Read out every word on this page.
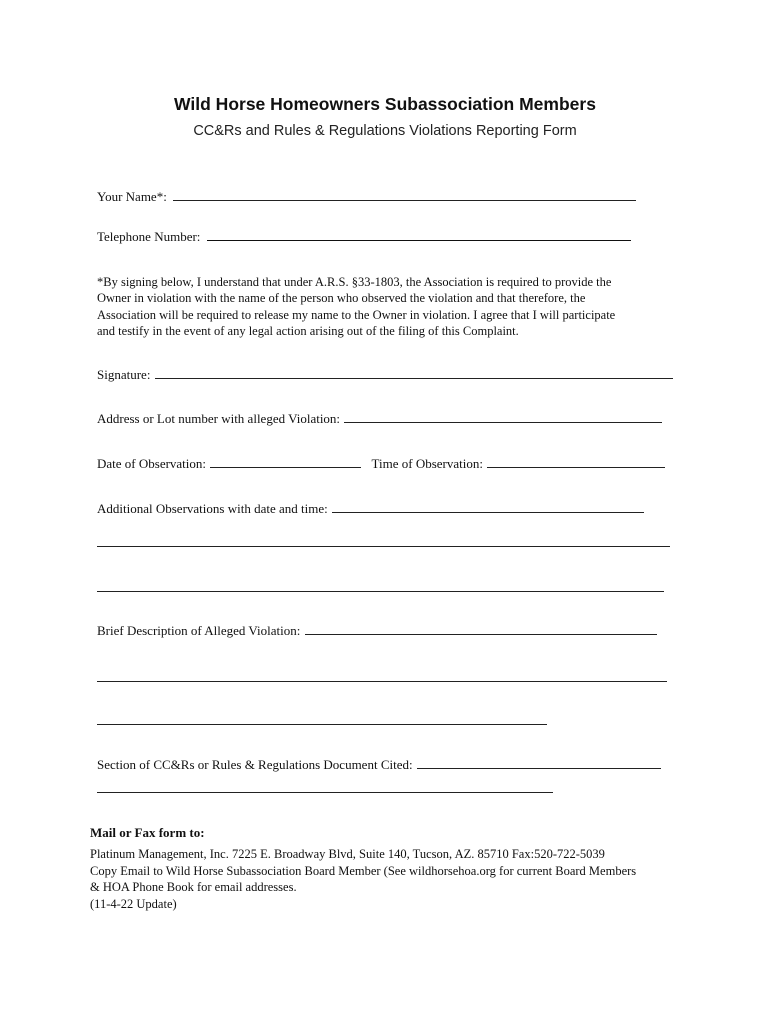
Wild Horse Homeowners Subassociation Members
CC&Rs and Rules & Regulations Violations Reporting Form
Your Name*:
Telephone Number:
*By signing below, I understand that under A.R.S. §33-1803, the Association is required to provide the
Owner in violation with the name of the person who observed the violation and that therefore, the
Association will be required to release my name to the Owner in violation. I agree that I will participate
and testify in the event of any legal action arising out of the filing of this Complaint.
Signature:
Address or Lot number with alleged Violation:
Date of Observation:	Time of Observation:
Additional Observations with date and time:
Brief Description of Alleged Violation:
Section of CC&Rs or Rules & Regulations Document Cited:
Mail or Fax form to:
Platinum Management, Inc. 7225 E. Broadway Blvd, Suite 140, Tucson, AZ. 85710 Fax:520-722-5039
Copy Email to Wild Horse Subassociation Board Member (See wildhorsehoa.org for current Board Members
& HOA Phone Book for email addresses.
(11-4-22 Update)
